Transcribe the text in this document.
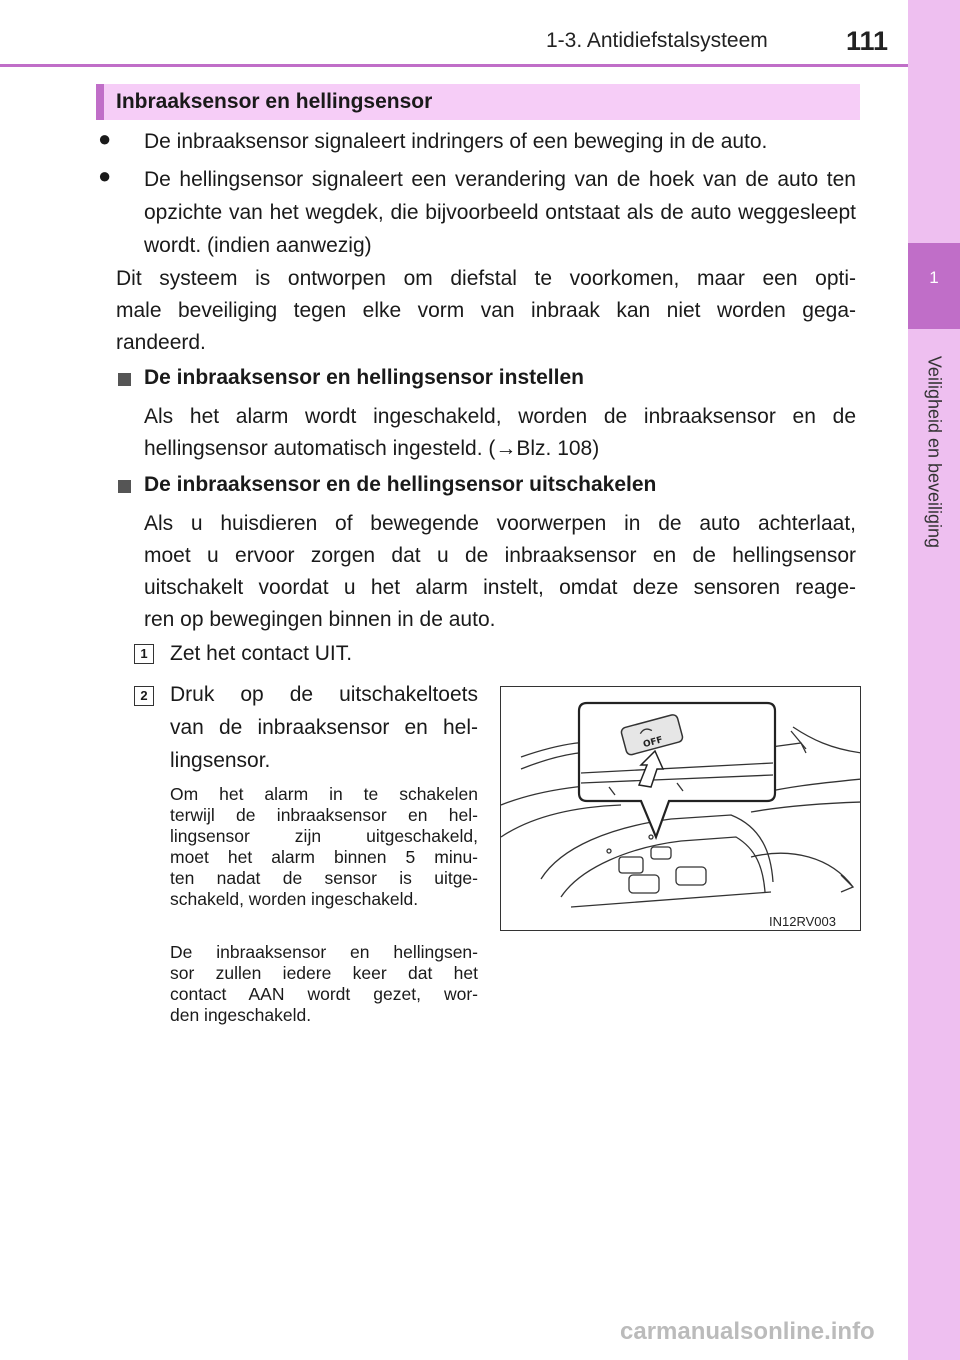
1-3. Antidiefstalsysteem	111
1
Veiligheid en beveiliging
Inbraaksensor en hellingsensor
● De inbraaksensor signaleert indringers of een beweging in de auto.
● De hellingsensor signaleert een verandering van de hoek van de auto ten opzichte van het wegdek, die bijvoorbeeld ontstaat als de auto weggesleept wordt. (indien aanwezig)
Dit systeem is ontworpen om diefstal te voorkomen, maar een opti-
male beveiliging tegen elke vorm van inbraak kan niet worden gega-
randeerd.
De inbraaksensor en hellingsensor instellen
Als het alarm wordt ingeschakeld, worden de inbraaksensor en de
hellingsensor automatisch ingesteld. (→Blz. 108)
De inbraaksensor en de hellingsensor uitschakelen
Als u huisdieren of bewegende voorwerpen in de auto achterlaat,
moet u ervoor zorgen dat u de inbraaksensor en de hellingsensor
uitschakelt voordat u het alarm instelt, omdat deze sensoren reage-
ren op bewegingen binnen in de auto.
1	Zet het contact UIT.
2	Druk op de uitschakeltoets
van de inbraaksensor en hel-
lingsensor.
Om het alarm in te schakelen
terwijl de inbraaksensor en hel-
lingsensor zijn uitgeschakeld,
moet het alarm binnen 5 minu-
ten nadat de sensor is uitge-
schakeld, worden ingeschakeld.
De inbraaksensor en hellingsen-
sor zullen iedere keer dat het
contact AAN wordt gezet, wor-
den ingeschakeld.
OFF
IN12RV003
carmanualsonline.info
